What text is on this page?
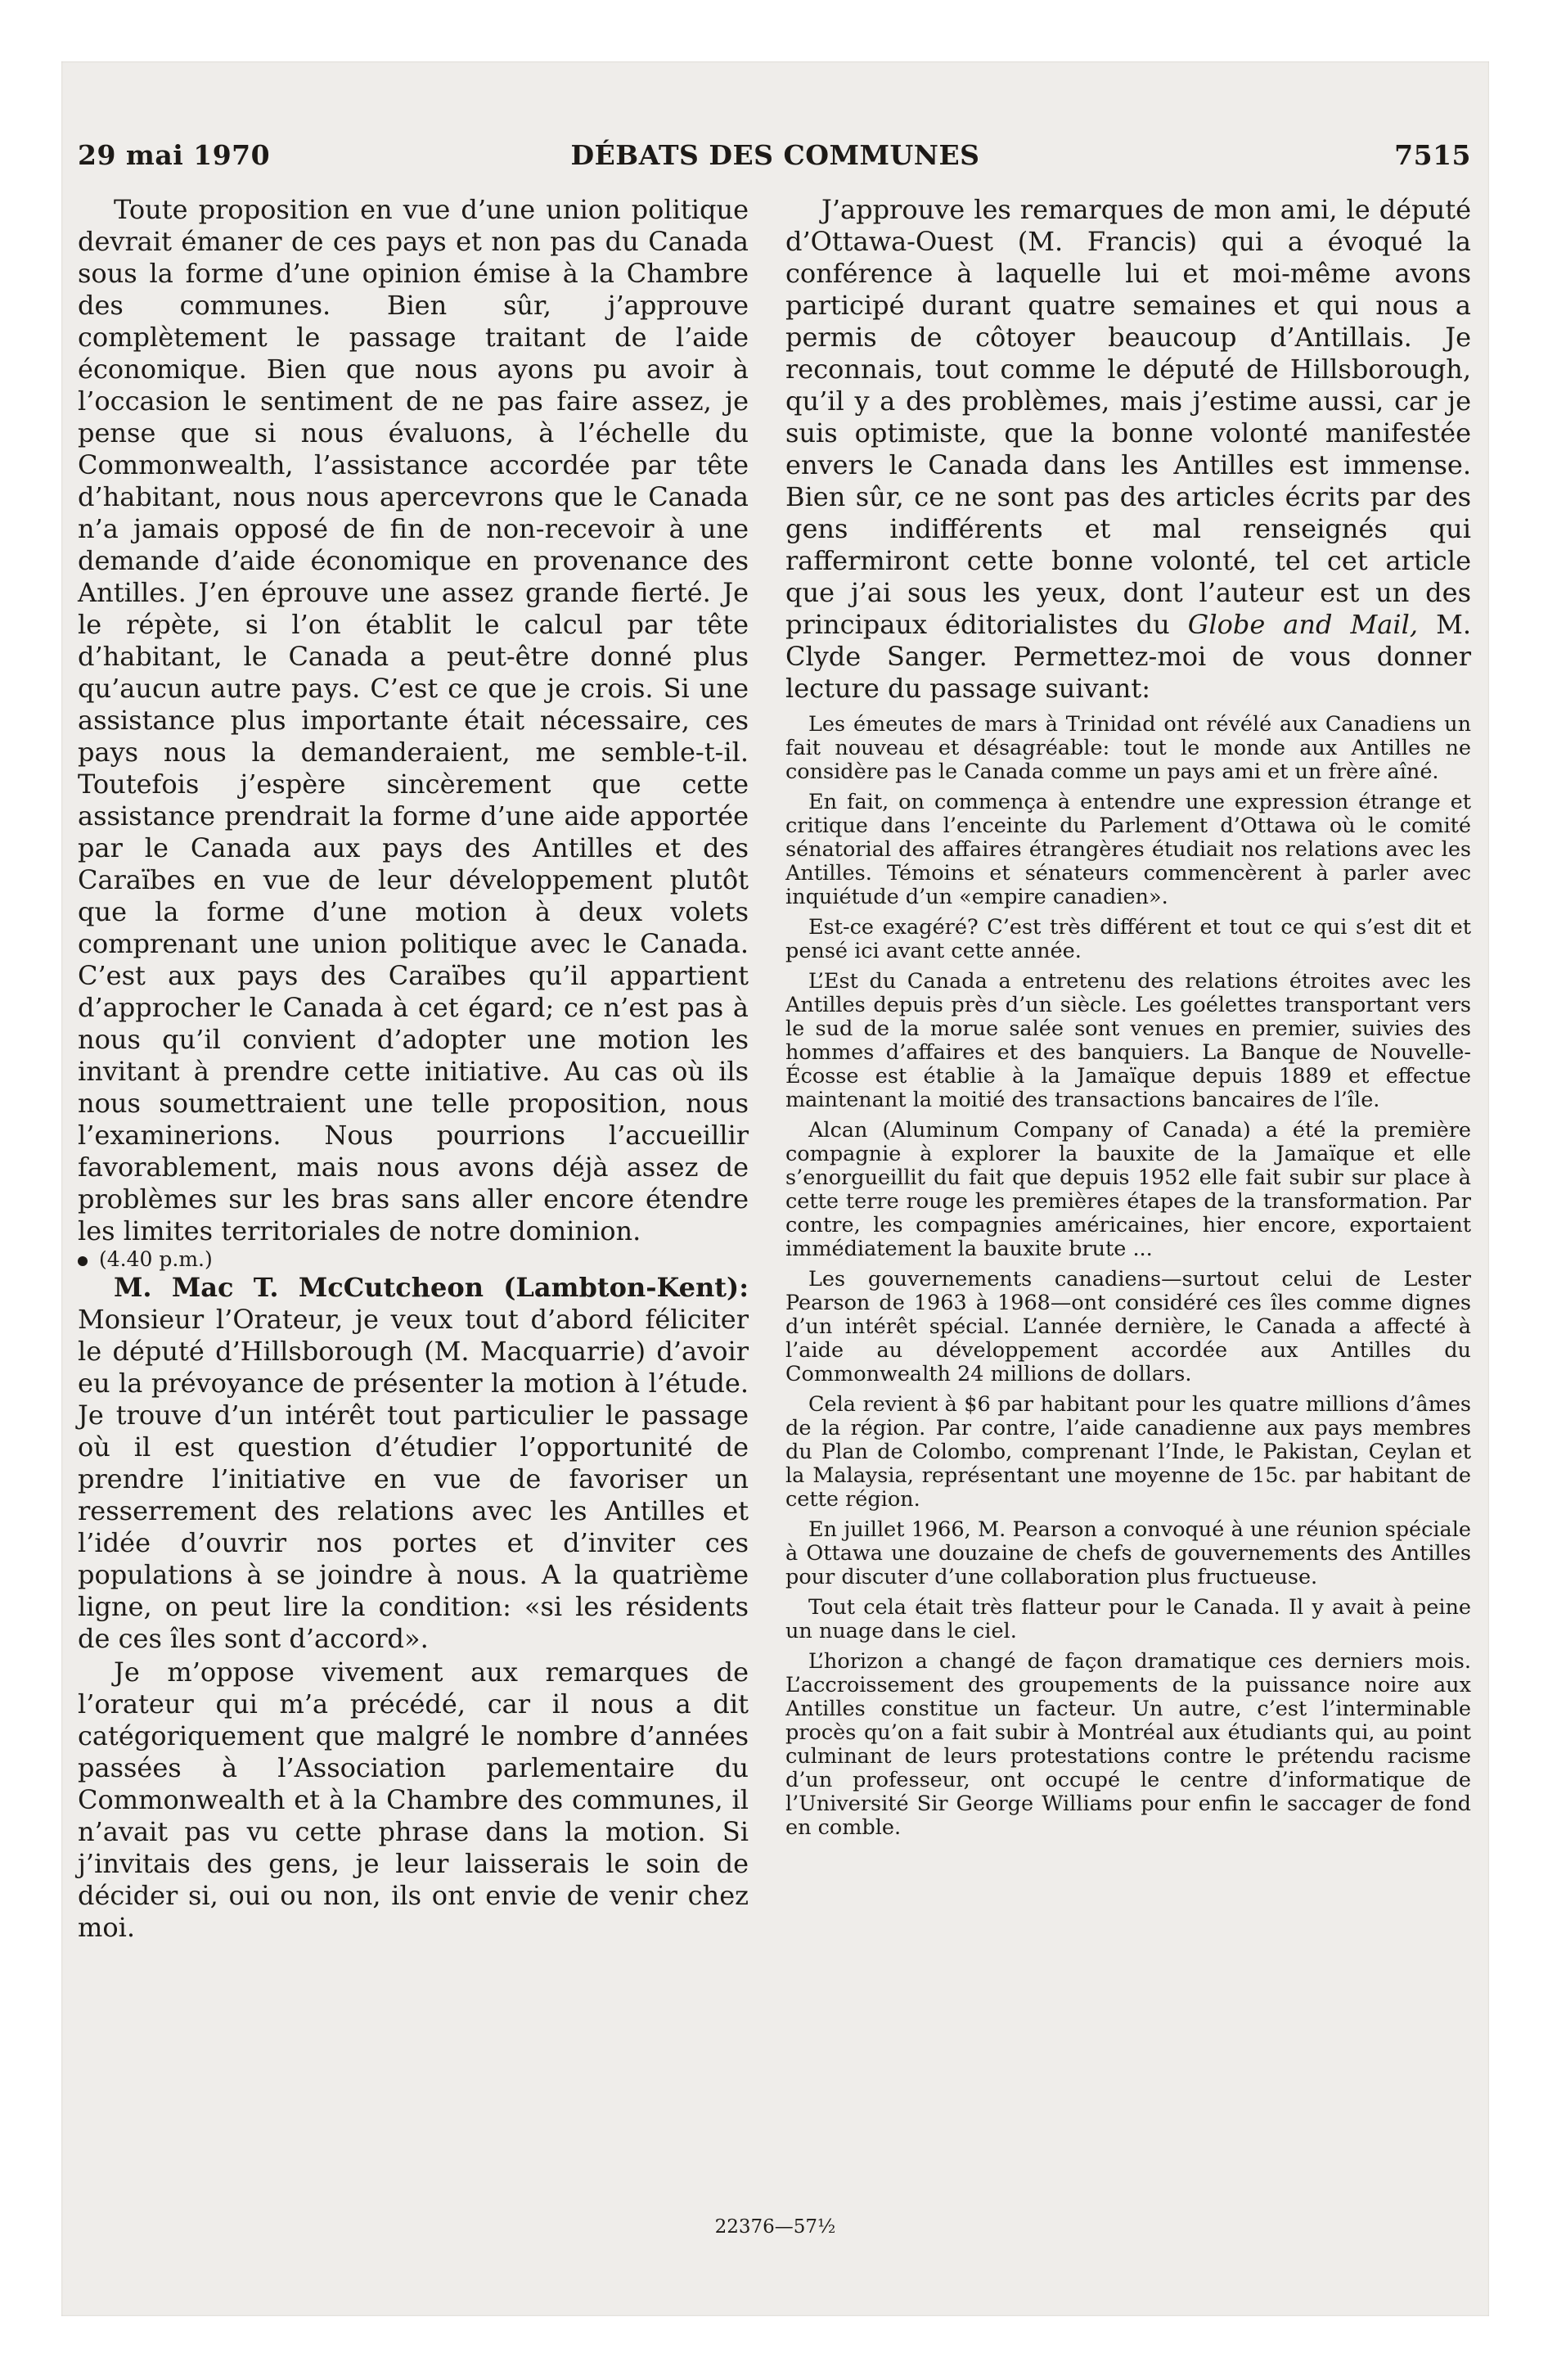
29 mai 1970	DÉBATS DES COMMUNES	7515

Toute proposition en vue d’une union politique devrait émaner de ces pays et non pas du Canada sous la forme d’une opinion émise à la Chambre des communes. Bien sûr, j’approuve complètement le passage traitant de l’aide économique. Bien que nous ayons pu avoir à l’occasion le sentiment de ne pas faire assez, je pense que si nous évaluons, à l’échelle du Commonwealth, l’assistance accordée par tête d’habitant, nous nous apercevrons que le Canada n’a jamais opposé de fin de non-recevoir à une demande d’aide économique en provenance des Antilles. J’en éprouve une assez grande fierté. Je le répète, si l’on établit le calcul par tête d’habitant, le Canada a peut-être donné plus qu’aucun autre pays. C’est ce que je crois. Si une assistance plus importante était nécessaire, ces pays nous la demanderaient, me semble-t-il. Toutefois j’espère sincèrement que cette assistance prendrait la forme d’une aide apportée par le Canada aux pays des Antilles et des Caraïbes en vue de leur développement plutôt que la forme d’une motion à deux volets comprenant une union politique avec le Canada. C’est aux pays des Caraïbes qu’il appartient d’approcher le Canada à cet égard; ce n’est pas à nous qu’il convient d’adopter une motion les invitant à prendre cette initiative. Au cas où ils nous soumettraient une telle proposition, nous l’examinerions. Nous pourrions l’accueillir favorablement, mais nous avons déjà assez de problèmes sur les bras sans aller encore étendre les limites territoriales de notre dominion.

(4.40 p.m.)

M. Mac T. McCutcheon (Lambton-Kent): Monsieur l’Orateur, je veux tout d’abord féliciter le député d’Hillsborough (M. Macquarrie) d’avoir eu la prévoyance de présenter la motion à l’étude. Je trouve d’un intérêt tout particulier le passage où il est question d’étudier l’opportunité de prendre l’initiative en vue de favoriser un resserrement des relations avec les Antilles et l’idée d’ouvrir nos portes et d’inviter ces populations à se joindre à nous. A la quatrième ligne, on peut lire la condition: «si les résidents de ces îles sont d’accord».

Je m’oppose vivement aux remarques de l’orateur qui m’a précédé, car il nous a dit catégoriquement que malgré le nombre d’années passées à l’Association parlementaire du Commonwealth et à la Chambre des communes, il n’avait pas vu cette phrase dans la motion. Si j’invitais des gens, je leur laisserais le soin de décider si, oui ou non, ils ont envie de venir chez moi.

J’approuve les remarques de mon ami, le député d’Ottawa-Ouest (M. Francis) qui a évoqué la conférence à laquelle lui et moi-même avons participé durant quatre semaines et qui nous a permis de côtoyer beaucoup d’Antillais. Je reconnais, tout comme le député de Hillsborough, qu’il y a des problèmes, mais j’estime aussi, car je suis optimiste, que la bonne volonté manifestée envers le Canada dans les Antilles est immense. Bien sûr, ce ne sont pas des articles écrits par des gens indifférents et mal renseignés qui raffermiront cette bonne volonté, tel cet article que j’ai sous les yeux, dont l’auteur est un des principaux éditorialistes du Globe and Mail, M. Clyde Sanger. Permettez-moi de vous donner lecture du passage suivant:

Les émeutes de mars à Trinidad ont révélé aux Canadiens un fait nouveau et désagréable: tout le monde aux Antilles ne considère pas le Canada comme un pays ami et un frère aîné.

En fait, on commença à entendre une expression étrange et critique dans l’enceinte du Parlement d’Ottawa où le comité sénatorial des affaires étrangères étudiait nos relations avec les Antilles. Témoins et sénateurs commencèrent à parler avec inquiétude d’un «empire canadien».

Est-ce exagéré? C’est très différent et tout ce qui s’est dit et pensé ici avant cette année.

L’Est du Canada a entretenu des relations étroites avec les Antilles depuis près d’un siècle. Les goélettes transportant vers le sud de la morue salée sont venues en premier, suivies des hommes d’affaires et des banquiers. La Banque de Nouvelle-Écosse est établie à la Jamaïque depuis 1889 et effectue maintenant la moitié des transactions bancaires de l’île.

Alcan (Aluminum Company of Canada) a été la première compagnie à explorer la bauxite de la Jamaïque et elle s’enorgueillit du fait que depuis 1952 elle fait subir sur place à cette terre rouge les premières étapes de la transformation. Par contre, les compagnies américaines, hier encore, exportaient immédiatement la bauxite brute ...

Les gouvernements canadiens—surtout celui de Lester Pearson de 1963 à 1968—ont considéré ces îles comme dignes d’un intérêt spécial. L’année dernière, le Canada a affecté à l’aide au développement accordée aux Antilles du Commonwealth 24 millions de dollars.

Cela revient à $6 par habitant pour les quatre millions d’âmes de la région. Par contre, l’aide canadienne aux pays membres du Plan de Colombo, comprenant l’Inde, le Pakistan, Ceylan et la Malaysia, représentant une moyenne de 15c. par habitant de cette région.

En juillet 1966, M. Pearson a convoqué à une réunion spéciale à Ottawa une douzaine de chefs de gouvernements des Antilles pour discuter d’une collaboration plus fructueuse.

Tout cela était très flatteur pour le Canada. Il y avait à peine un nuage dans le ciel.

L’horizon a changé de façon dramatique ces derniers mois. L’accroissement des groupements de la puissance noire aux Antilles constitue un facteur. Un autre, c’est l’interminable procès qu’on a fait subir à Montréal aux étudiants qui, au point culminant de leurs protestations contre le prétendu racisme d’un professeur, ont occupé le centre d’informatique de l’Université Sir George Williams pour enfin le saccager de fond en comble.

22376—57½
